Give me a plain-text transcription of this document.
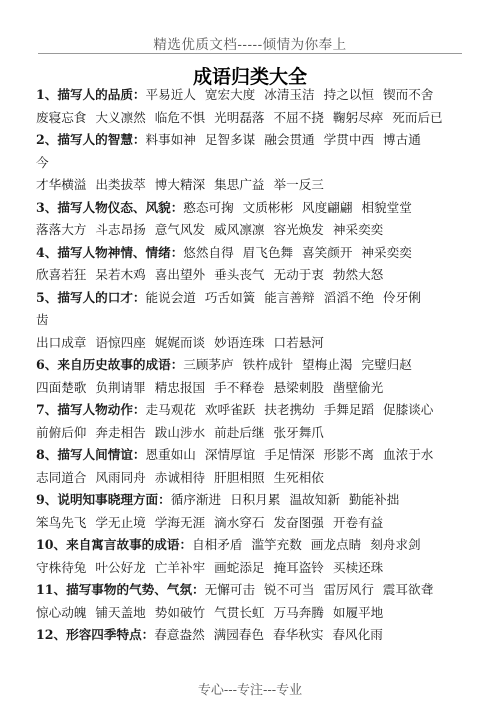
精选优质文档-----倾情为你奉上
成语归类大全
1、描写人的品质：平易近人 宽宏大度 冰清玉洁 持之以恒 锲而不舍
废寝忘食 大义凛然 临危不惧 光明磊落 不屈不挠 鞠躬尽瘁 死而后已
2、描写人的智慧：料事如神 足智多谋 融会贯通 学贯中西 博古通
今
才华横溢 出类拔萃 博大精深 集思广益 举一反三
3、描写人物仪态、风貌：憨态可掬 文质彬彬 风度翩翩 相貌堂堂
落落大方 斗志昂扬 意气风发 威风凛凛 容光焕发 神采奕奕
4、描写人物神情、情绪：悠然自得 眉飞色舞 喜笑颜开 神采奕奕
欣喜若狂 呆若木鸡 喜出望外 垂头丧气 无动于衷 勃然大怒
5、描写人的口才：能说会道 巧舌如簧 能言善辩 滔滔不绝 伶牙俐
齿
出口成章 语惊四座 娓娓而谈 妙语连珠 口若悬河
6、来自历史故事的成语：三顾茅庐 铁杵成针 望梅止渴 完璧归赵
四面楚歌 负荆请罪 精忠报国 手不释卷 悬梁刺股 凿壁偷光
7、描写人物动作：走马观花 欢呼雀跃 扶老携幼 手舞足蹈 促膝谈心
前俯后仰 奔走相告 跋山涉水 前赴后继 张牙舞爪
8、描写人间情谊：恩重如山 深情厚谊 手足情深 形影不离 血浓于水
志同道合 风雨同舟 赤诚相待 肝胆相照 生死相依
9、说明知事晓理方面：循序渐进 日积月累 温故知新 勤能补拙
笨鸟先飞 学无止境 学海无涯 滴水穿石 发奋图强 开卷有益
10、来自寓言故事的成语：自相矛盾 滥竽充数 画龙点睛 刻舟求剑
守株待兔 叶公好龙 亡羊补牢 画蛇添足 掩耳盗铃 买椟还珠
11、描写事物的气势、气氛：无懈可击 锐不可当 雷厉风行 震耳欲聋
惊心动魄 铺天盖地 势如破竹 气贯长虹 万马奔腾 如履平地
12、形容四季特点：春意盎然 满园春色 春华秋实 春风化雨
专心---专注---专业
